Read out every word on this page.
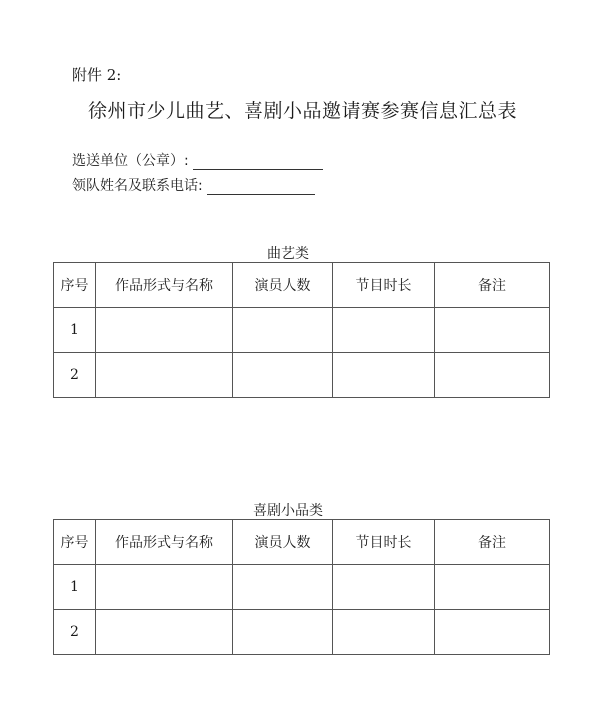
附件 2:
徐州市少儿曲艺、喜剧小品邀请赛参赛信息汇总表
选送单位（公章）:
领队姓名及联系电话:
曲艺类
序号	作品形式与名称	演员人数	节目时长	备注
1				
2				
喜剧小品类
序号	作品形式与名称	演员人数	节目时长	备注
1				
2				
